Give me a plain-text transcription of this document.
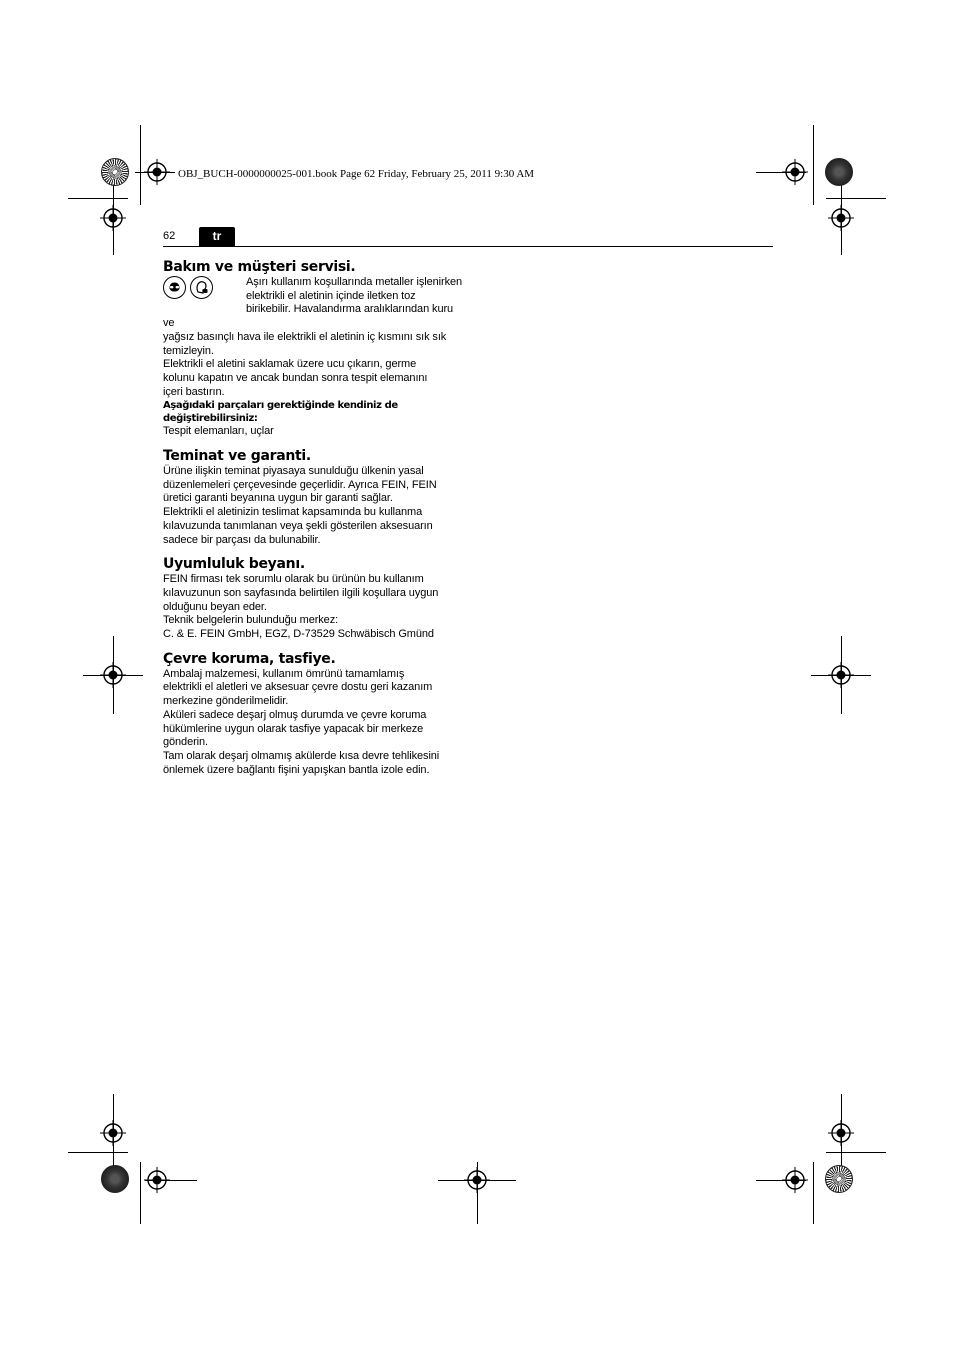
OBJ_BUCH-0000000025-001.book Page 62 Friday, February 25, 2011 9:30 AM
62	tr
Bakım ve müşteri servisi.

Aşırı kullanım koşullarında metaller işlenirken
elektrikli el aletinin içinde iletken toz
birikebilir. Havalandırma aralıklarından kuru ve
yağsız basınçlı hava ile elektrikli el aletinin iç kısmını sık sık
temizleyin.

Elektrikli el aletini saklamak üzere ucu çıkarın, germe
kolunu kapatın ve ancak bundan sonra tespit elemanını
içeri bastırın.

Aşağıdaki parçaları gerektiğinde kendiniz de
değiştirebilirsiniz:

Tespit elemanları, uçlar

Teminat ve garanti.

Ürüne ilişkin teminat piyasaya sunulduğu ülkenin yasal
düzenlemeleri çerçevesinde geçerlidir. Ayrıca FEIN, FEIN
üretici garanti beyanına uygun bir garanti sağlar.

Elektrikli el aletinizin teslimat kapsamında bu kullanma
kılavuzunda tanımlanan veya şekli gösterilen aksesuarın
sadece bir parçası da bulunabilir.

Uyumluluk beyanı.

FEIN firması tek sorumlu olarak bu ürünün bu kullanım
kılavuzunun son sayfasında belirtilen ilgili koşullara uygun
olduğunu beyan eder.

Teknik belgelerin bulunduğu merkez:
C. & E. FEIN GmbH, EGZ, D-73529 Schwäbisch Gmünd

Çevre koruma, tasfiye.

Ambalaj malzemesi, kullanım ömrünü tamamlamış
elektrikli el aletleri ve aksesuar çevre dostu geri kazanım
merkezine gönderilmelidir.

Aküleri sadece deşarj olmuş durumda ve çevre koruma
hükümlerine uygun olarak tasfiye yapacak bir merkeze
gönderin.

Tam olarak deşarj olmamış akülerde kısa devre tehlikesini
önlemek üzere bağlantı fişini yapışkan bantla izole edin.
